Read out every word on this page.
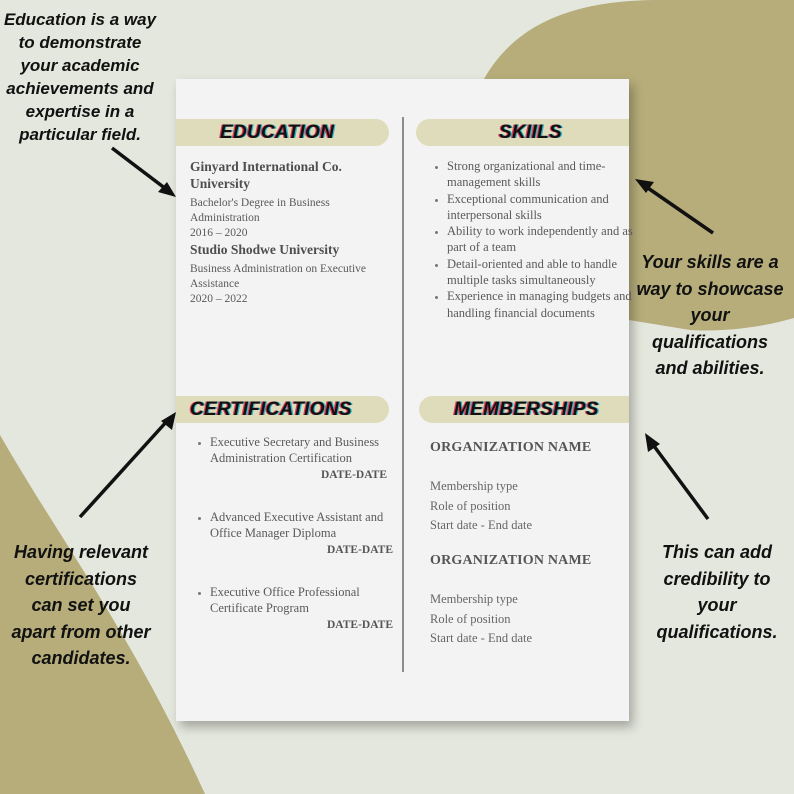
Education is a way
to demonstrate
your academic
achievements and
expertise in a
particular field.
Your skills are a
way to showcase
your
qualifications
and abilities.
Having relevant
certifications
can set you
apart from other
candidates.
This can add
credibility to
your
qualifications.
EDUCATION
Ginyard International Co. University
Bachelor's Degree in Business Administration
2016 – 2020
Studio Shodwe University
Business Administration on Executive Assistance
2020 – 2022
SKIILS
• Strong organizational and time-management skills
• Exceptional communication and interpersonal skills
• Ability to work independently and as part of a team
• Detail-oriented and able to handle multiple tasks simultaneously
• Experience in managing budgets and handling financial documents
CERTIFICATIONS
• Executive Secretary and Business Administration Certification
DATE-DATE
• Advanced Executive Assistant and Office Manager Diploma
DATE-DATE
• Executive Office Professional Certificate Program
DATE-DATE
MEMBERSHIPS
ORGANIZATION NAME
Membership type
Role of position
Start date - End date
ORGANIZATION NAME
Membership type
Role of position
Start date - End date
